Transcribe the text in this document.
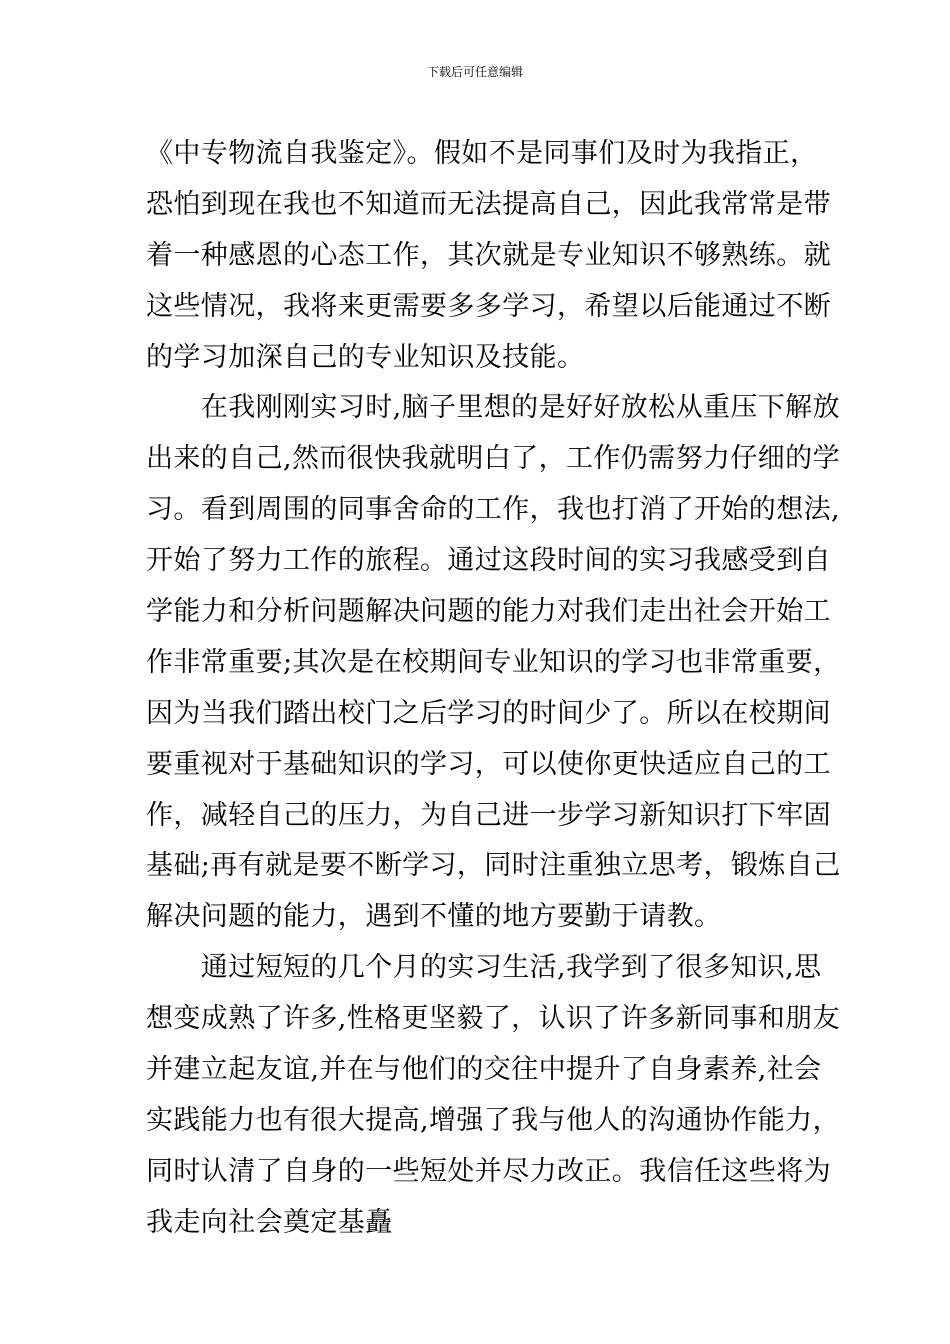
下载后可任意编辑
《中专物流自我鉴定》。假如不是同事们及时为我指正，
恐怕到现在我也不知道而无法提高自己，因此我常常是带
着一种感恩的心态工作，其次就是专业知识不够熟练。就
这些情况，我将来更需要多多学习，希望以后能通过不断
的学习加深自己的专业知识及技能。
　　在我刚刚实习时,脑子里想的是好好放松从重压下解放
出来的自己,然而很快我就明白了，工作仍需努力仔细的学
习。看到周围的同事舍命的工作，我也打消了开始的想法,
开始了努力工作的旅程。通过这段时间的实习我感受到自
学能力和分析问题解决问题的能力对我们走出社会开始工
作非常重要;其次是在校期间专业知识的学习也非常重要，
因为当我们踏出校门之后学习的时间少了。所以在校期间
要重视对于基础知识的学习，可以使你更快适应自己的工
作，减轻自己的压力，为自己进一步学习新知识打下牢固
基础;再有就是要不断学习，同时注重独立思考，锻炼自己
解决问题的能力，遇到不懂的地方要勤于请教。
　　通过短短的几个月的实习生活,我学到了很多知识,思
想变成熟了许多,性格更坚毅了，认识了许多新同事和朋友
并建立起友谊,并在与他们的交往中提升了自身素养,社会
实践能力也有很大提高,增强了我与他人的沟通协作能力，
同时认清了自身的一些短处并尽力改正。我信任这些将为
我走向社会奠定基矗
